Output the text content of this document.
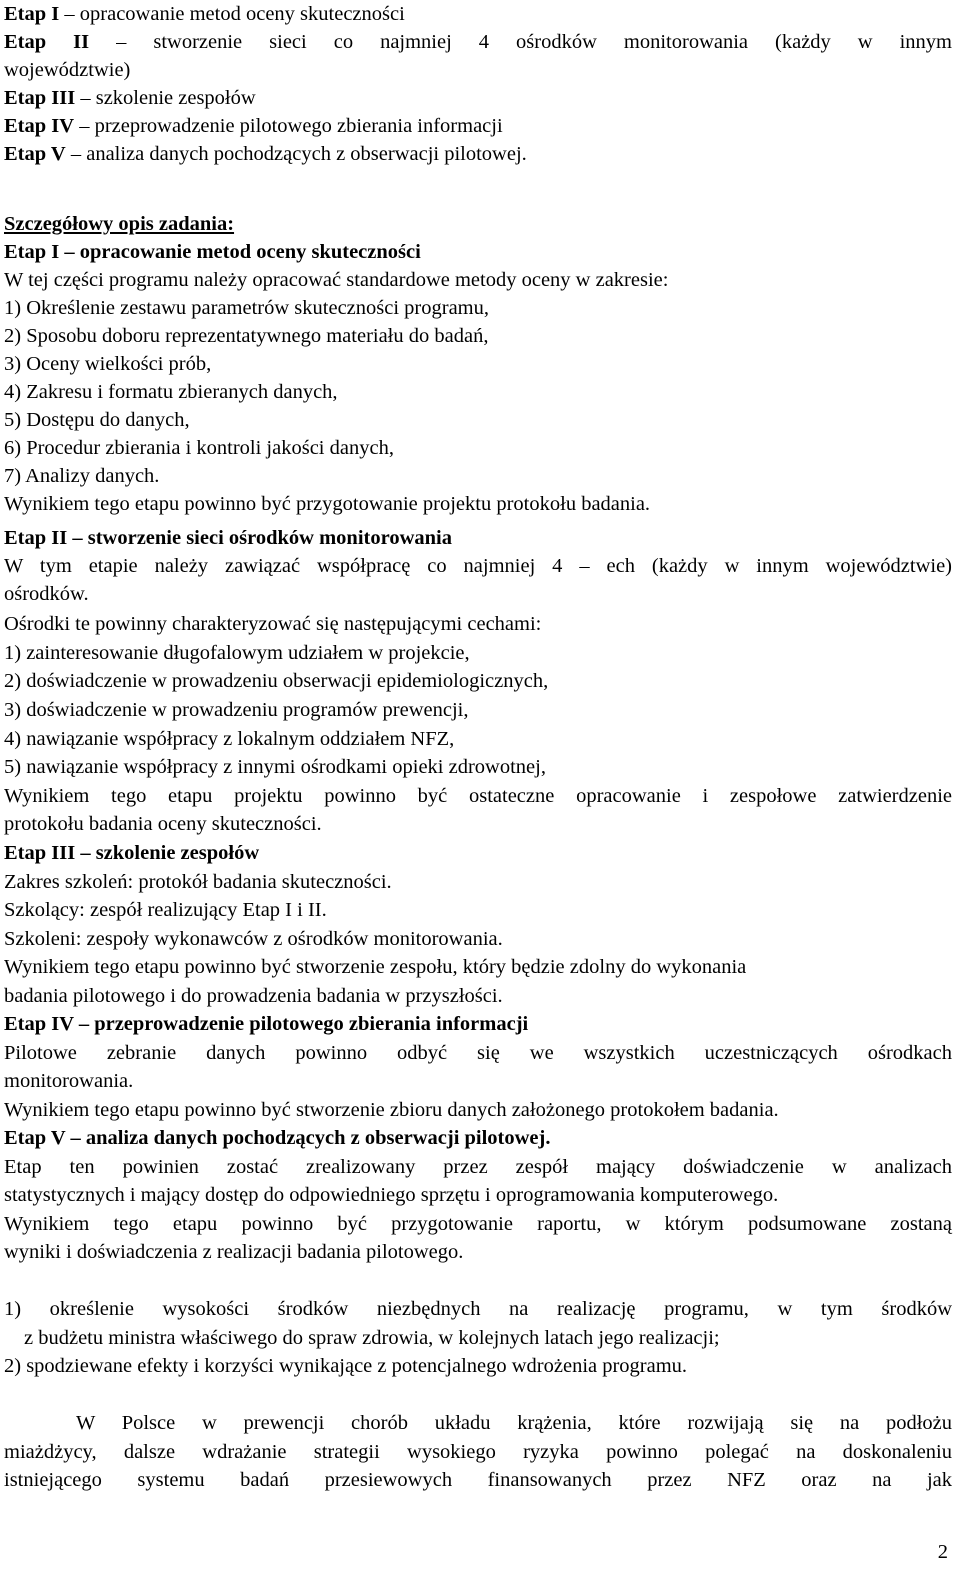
Etap I – opracowanie metod oceny skuteczności
Etap II – stworzenie sieci co najmniej 4 ośrodków monitorowania (każdy w innym
województwie)
Etap III – szkolenie zespołów
Etap IV – przeprowadzenie pilotowego zbierania informacji
Etap V – analiza danych pochodzących z obserwacji pilotowej.
Szczegółowy opis zadania:
Etap I – opracowanie metod oceny skuteczności
W tej części programu należy opracować standardowe metody oceny w zakresie:
1) Określenie zestawu parametrów skuteczności programu,
2) Sposobu doboru reprezentatywnego materiału do badań,
3) Oceny wielkości prób,
4) Zakresu i formatu zbieranych danych,
5) Dostępu do danych,
6) Procedur zbierania i kontroli jakości danych,
7) Analizy danych.
Wynikiem tego etapu powinno być przygotowanie projektu protokołu badania.
Etap II – stworzenie sieci ośrodków monitorowania
W tym etapie należy zawiązać współpracę co najmniej 4 – ech (każdy w innym województwie)
ośrodków.
Ośrodki te powinny charakteryzować się następującymi cechami:
1) zainteresowanie długofalowym udziałem w projekcie,
2) doświadczenie w prowadzeniu obserwacji epidemiologicznych,
3) doświadczenie w prowadzeniu programów prewencji,
4) nawiązanie współpracy z lokalnym oddziałem NFZ,
5) nawiązanie współpracy z innymi ośrodkami opieki zdrowotnej,
Wynikiem tego etapu projektu powinno być ostateczne opracowanie i zespołowe zatwierdzenie
protokołu badania oceny skuteczności.
Etap III – szkolenie zespołów
Zakres szkoleń: protokół badania skuteczności.
Szkolący: zespół realizujący Etap I i II.
Szkoleni: zespoły wykonawców z ośrodków monitorowania.
Wynikiem tego etapu powinno być stworzenie zespołu, który będzie zdolny do wykonania
badania pilotowego i do prowadzenia badania w przyszłości.
Etap IV – przeprowadzenie pilotowego zbierania informacji
Pilotowe zebranie danych powinno odbyć się we wszystkich uczestniczących ośrodkach
monitorowania.
Wynikiem tego etapu powinno być stworzenie zbioru danych założonego protokołem badania.
Etap V – analiza danych pochodzących z obserwacji pilotowej.
Etap ten powinien zostać zrealizowany przez zespół mający doświadczenie w analizach
statystycznych i mający dostęp do odpowiedniego sprzętu i oprogramowania komputerowego.
Wynikiem tego etapu powinno być przygotowanie raportu, w którym podsumowane zostaną
wyniki i doświadczenia z realizacji badania pilotowego.
1) określenie wysokości środków niezbędnych na realizację programu, w tym środków
z budżetu ministra właściwego do spraw zdrowia, w kolejnych latach jego realizacji;
2) spodziewane efekty i korzyści wynikające z potencjalnego wdrożenia programu.
W Polsce w prewencji chorób układu krążenia, które rozwijają się na podłożu
miażdżycy, dalsze wdrażanie strategii wysokiego ryzyka powinno polegać na doskonaleniu
istniejącego systemu badań przesiewowych finansowanych przez NFZ oraz na jak
2
